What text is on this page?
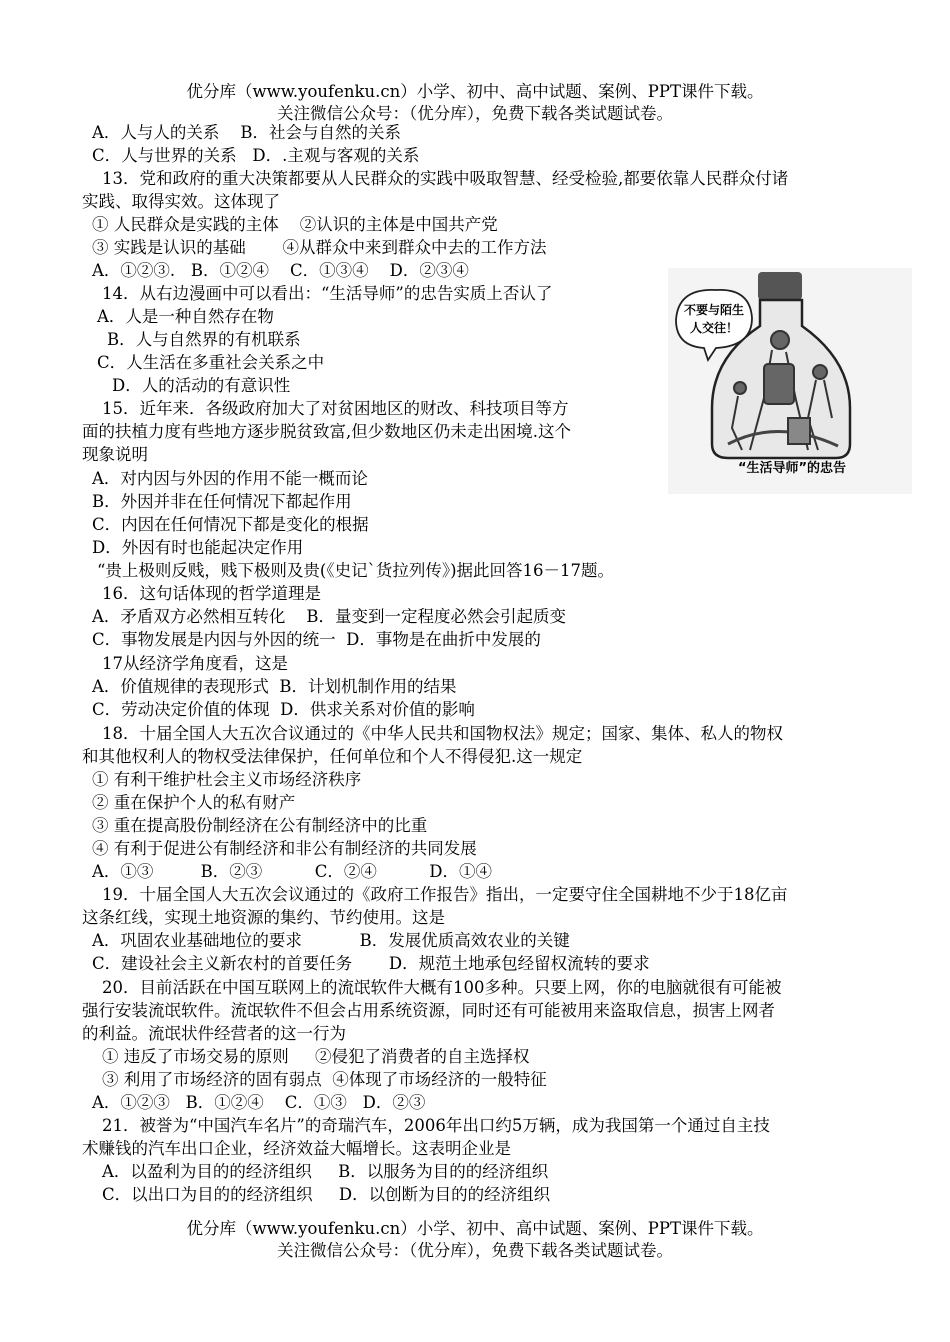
优分库（www.youfenku.cn）小学、初中、高中试题、案例、PPT课件下载。
关注微信公众号：（优分库），免费下载各类试题试卷。
A．人与人的关系    B．社会与自然的关系
C．人与世界的关系   D．.主观与客观的关系
13．党和政府的重大决策都要从人民群众的实践中吸取智慧、经受检验,都要依靠人民群众付诸
实践、取得实效。这体现了
① 人民群众是实践的主体    ②认识的主体是中国共产党
③ 实践是认识的基础       ④从群众中来到群众中去的工作方法
A．①②③.   B．①②④    C．①③④    D．②③④
14．从右边漫画中可以看出：“生活导师”的忠告实质上否认了
A．人是一种自然存在物
B．人与自然界的有机联系
C．人生活在多重社会关系之中
D．人的活动的有意识性
15．近年来．各级政府加大了对贫困地区的财改、科技项目等方
面的扶植力度有些地方逐步脱贫致富,但少数地区仍未走出困境.这个
现象说明
A．对内因与外因的作用不能一概而论
B．外因并非在任何情况下都起作用
C．内因在任何情况下都是变化的根据
D．外因有时也能起决定作用
“贵上极则反贱，贱下极则及贵(《史记`货拉列传》)据此回答16－17题。
16．这句话体现的哲学道理是
A．矛盾双方必然相互转化    B．量变到一定程度必然会引起质变
C．事物发展是内因与外因的统一  D．事物是在曲折中发展的
17从经济学角度看，这是
A．价值规律的表现形式  B．计划机制作用的结果
C．劳动决定价值的体现  D．供求关系对价值的影响
18．十届全国人大五次合议通过的《中华人民共和国物权法》规定；国家、集体、私人的物权
和其他权利人的物权受法律保护，任何单位和个人不得侵犯.这一规定
① 有利干维护杜会主义市场经济秩序
② 重在保护个人的私有财产
③ 重在提高股份制经济在公有制经济中的比重
④ 有利于促进公有制经济和非公有制经济的共同发展
A．①③         B．②③          C．②④          D．①④
19．十届全国人大五次会议通过的《政府工作报告》指出，一定要守住全国耕地不少于18亿亩
这条红线，实现土地资源的集约、节约使用。这是
A．巩固农业基础地位的要求           B．发展优质高效农业的关键
C．建设社会主义新农村的首要任务       D．规范土地承包经留权流转的要求
20．目前活跃在中国互联网上的流氓软件大概有100多种。只要上网，你的电脑就很有可能被
强行安装流氓软件。流氓软件不但会占用系统资源，同时还有可能被用来盗取信息，损害上网者
的利益。流氓状件经营者的这一行为
① 违反了市场交易的原则     ②侵犯了消费者的自主选择权
③ 利用了市场经济的固有弱点  ④体现了市场经济的一般特征
A．①②③   B．①②④    C．①③   D．②③
21．被誉为“中国汽车名片”的奇瑞汽车，2006年出口约5万辆，成为我国第一个通过自主技
术赚钱的汽车出口企业，经济效益大幅增长。这表明企业是
A．以盈利为目的的经济组织     B．以服务为目的的经济组织
C．以出口为目的的经济组织     D．以创断为目的的经济组织
优分库（www.youfenku.cn）小学、初中、高中试题、案例、PPT课件下载。
关注微信公众号：（优分库），免费下载各类试题试卷。
不要与陌生
人交往！
“生活导师”的忠告
